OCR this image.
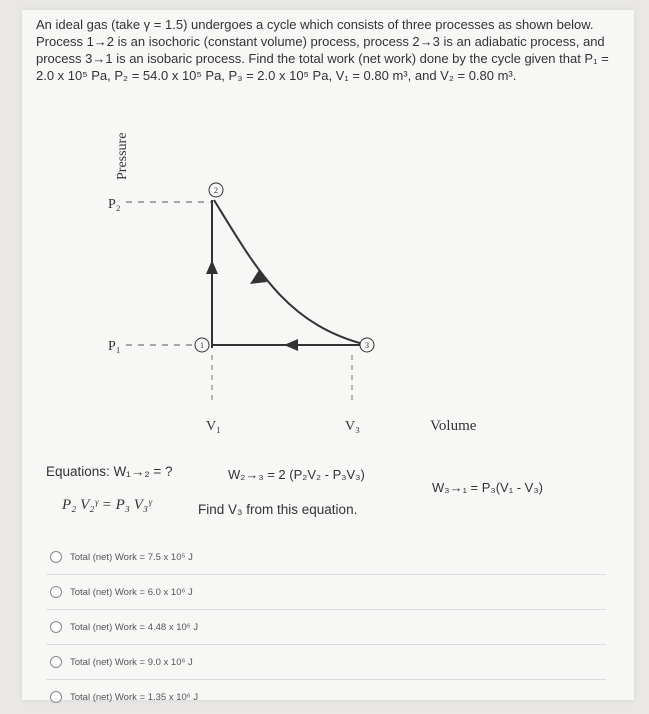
An ideal gas (take γ = 1.5) undergoes a cycle which consists of three processes as shown below.

Process 1→2 is an isochoric (constant volume) process, process 2→3 is an adiabatic process, and

process 3→1 is an isobaric process. Find the total work (net work) done by the cycle given that P₁ =

2.0 x 10⁵ Pa, P₂ = 54.0 x 10⁵ Pa, P₃ = 2.0 x 10⁵ Pa, V₁ = 0.80 m³, and V₂ = 0.80 m³.

Pressure
P₂
P₁
2
1	3
V₁	V₃	Volume
Equations: W₁→₂ = ?	W₂→₃ = 2 (P₂V₂ - P₃V₃)
W₃→₁ = P₃(V₁ - V₃)
P₂ V₂ᵞ = P₃ V₃ᵞ	Find V₃ from this equation.
Total (net) Work = 7.5 x 10⁵ J
Total (net) Work = 6.0 x 10⁶ J
Total (net) Work = 4.48 x 10⁶ J
Total (net) Work = 9.0 x 10⁶ J
Total (net) Work = 1.35 x 10⁶ J
